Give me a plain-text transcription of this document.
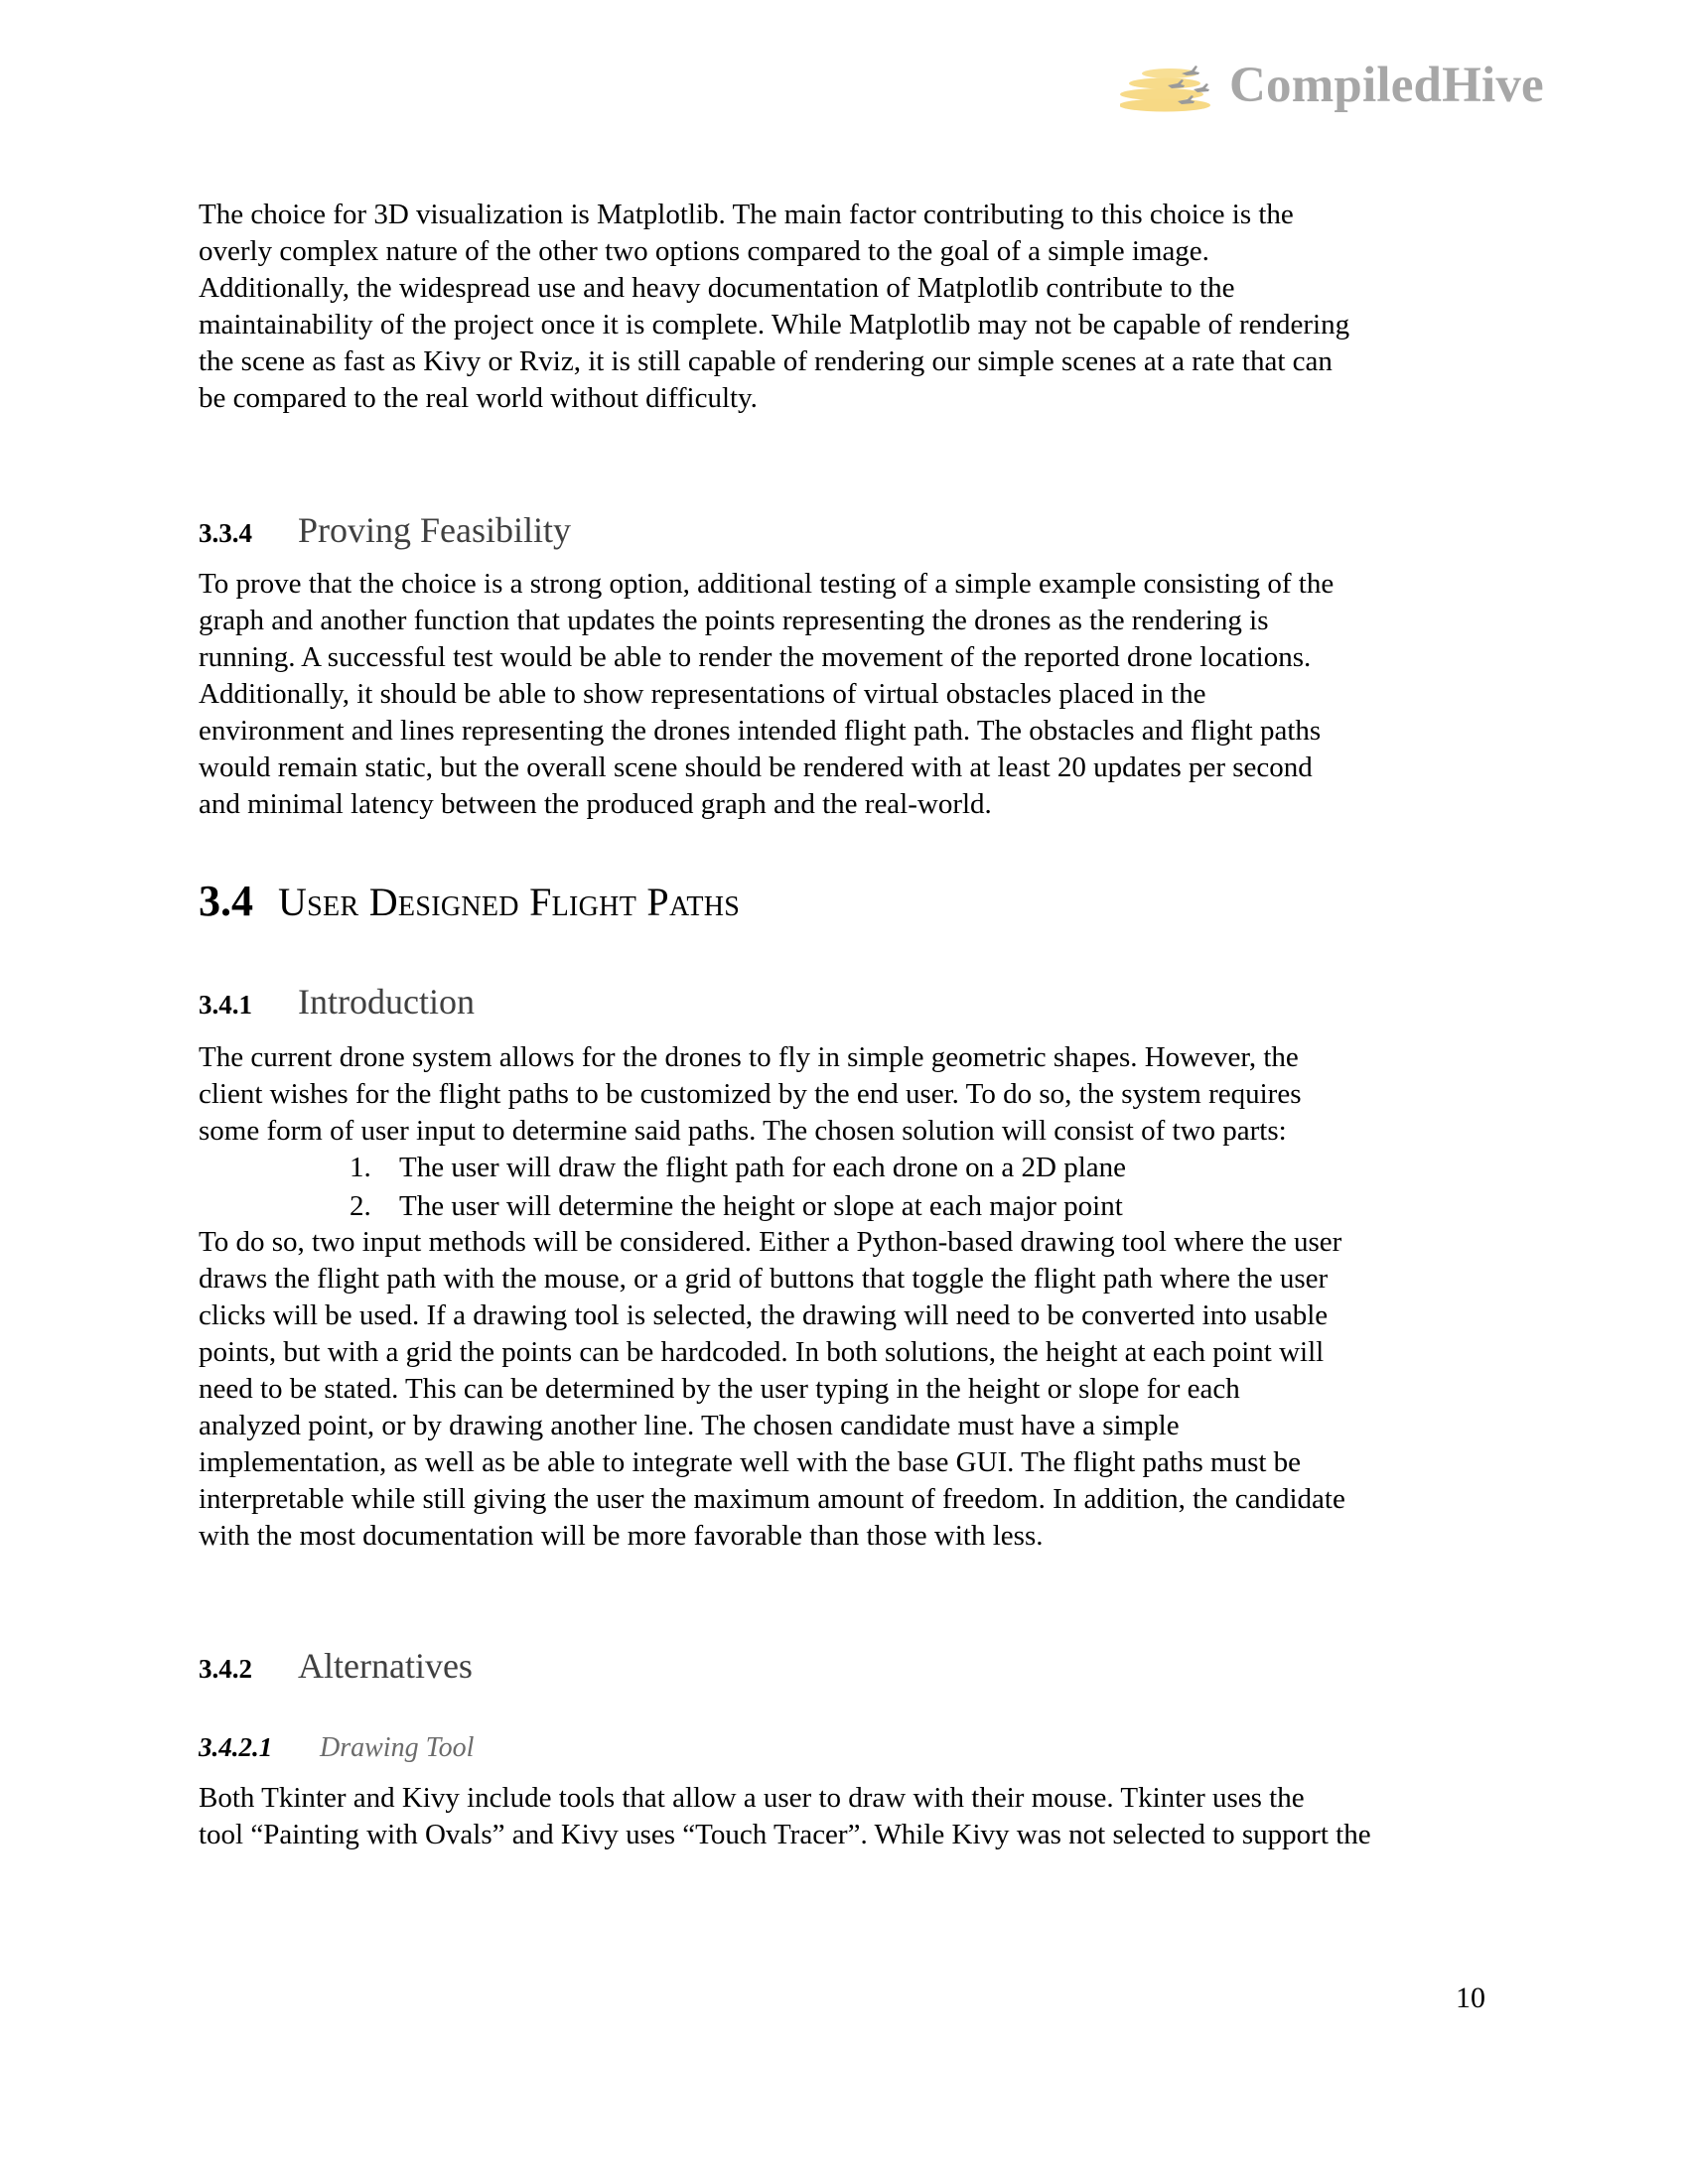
CompiledHive
The choice for 3D visualization is Matplotlib. The main factor contributing to this choice is the
overly complex nature of the other two options compared to the goal of a simple image.
Additionally, the widespread use and heavy documentation of Matplotlib contribute to the
maintainability of the project once it is complete. While Matplotlib may not be capable of rendering
the scene as fast as Kivy or Rviz, it is still capable of rendering our simple scenes at a rate that can
be compared to the real world without difficulty.
3.3.4 Proving Feasibility
To prove that the choice is a strong option, additional testing of a simple example consisting of the
graph and another function that updates the points representing the drones as the rendering is
running. A successful test would be able to render the movement of the reported drone locations.
Additionally, it should be able to show representations of virtual obstacles placed in the
environment and lines representing the drones intended flight path. The obstacles and flight paths
would remain static, but the overall scene should be rendered with at least 20 updates per second
and minimal latency between the produced graph and the real-world.
3.4 User Designed Flight Paths
3.4.1 Introduction
The current drone system allows for the drones to fly in simple geometric shapes. However, the
client wishes for the flight paths to be customized by the end user. To do so, the system requires
some form of user input to determine said paths. The chosen solution will consist of two parts:
1. The user will draw the flight path for each drone on a 2D plane
2. The user will determine the height or slope at each major point
To do so, two input methods will be considered. Either a Python-based drawing tool where the user
draws the flight path with the mouse, or a grid of buttons that toggle the flight path where the user
clicks will be used. If a drawing tool is selected, the drawing will need to be converted into usable
points, but with a grid the points can be hardcoded. In both solutions, the height at each point will
need to be stated. This can be determined by the user typing in the height or slope for each
analyzed point, or by drawing another line. The chosen candidate must have a simple
implementation, as well as be able to integrate well with the base GUI. The flight paths must be
interpretable while still giving the user the maximum amount of freedom. In addition, the candidate
with the most documentation will be more favorable than those with less.
3.4.2 Alternatives
3.4.2.1 Drawing Tool
Both Tkinter and Kivy include tools that allow a user to draw with their mouse. Tkinter uses the
tool “Painting with Ovals” and Kivy uses “Touch Tracer”. While Kivy was not selected to support the
10
